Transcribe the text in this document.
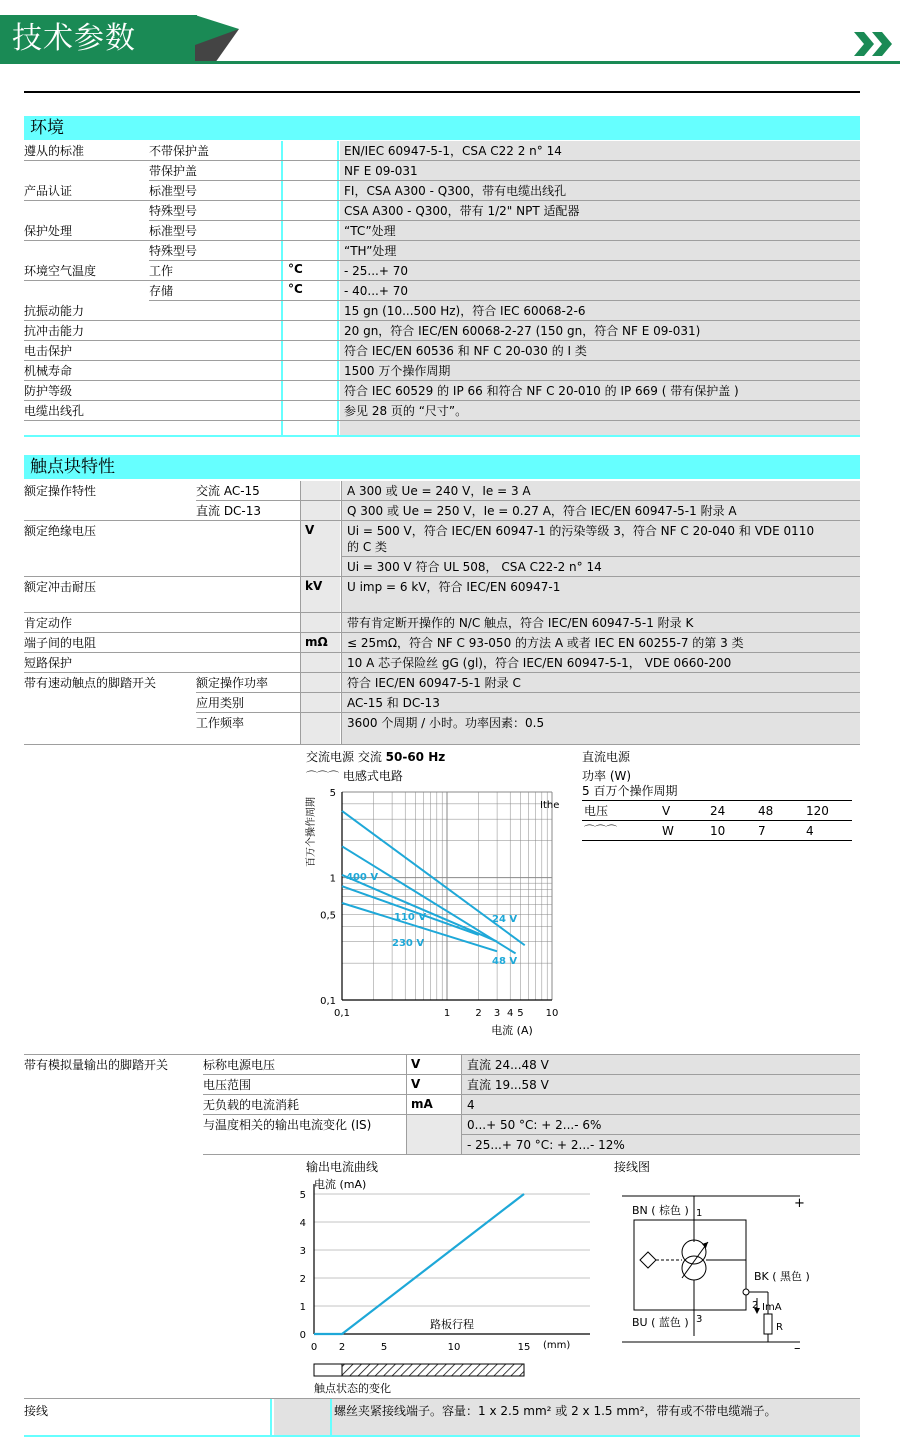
技术参数
环境
遵从的标准	不带保护盖	EN/IEC 60947-5-1，CSA C22 2 n° 14
带保护盖	NF E 09-031
产品认证	标准型号	FI，CSA A300 - Q300，带有电缆出线孔
特殊型号	CSA A300 - Q300，带有 1/2" NPT 适配器
保护处理	标准型号	“TC”处理
特殊型号	“TH”处理
环境空气温度	工作	°C	- 25...+ 70
存储	°C	- 40...+ 70
抗振动能力	15 gn (10...500 Hz)，符合 IEC 60068-2-6
抗冲击能力	20 gn，符合 IEC/EN 60068-2-27 (150 gn，符合 NF E 09-031)
电击保护	符合 IEC/EN 60536 和 NF C 20-030 的 I 类
机械寿命	1500 万个操作周期
防护等级	符合 IEC 60529 的 IP 66 和符合 NF C 20-010 的 IP 669 ( 带有保护盖 )
电缆出线孔	参见 28 页的 “尺寸”。
触点块特性
额定操作特性	交流 AC-15	A 300 或 Ue = 240 V，Ie = 3 A
直流 DC-13	Q 300 或 Ue = 250 V，Ie = 0.27 A，符合 IEC/EN 60947-5-1 附录 A
额定绝缘电压	V	Ui = 500 V，符合 IEC/EN 60947-1 的污染等级 3，符合 NF C 20-040 和 VDE 0110
的 C 类
Ui = 300 V 符合 UL 508， CSA C22-2 n° 14
额定冲击耐压	kV U imp = 6 kV，符合 IEC/EN 60947-1
肯定动作	带有肯定断开操作的 N/C 触点，符合 IEC/EN 60947-5-1 附录 K
端子间的电阻	mΩ ≤ 25mΩ，符合 NF C 93-050 的方法 A 或者 IEC EN 60255-7 的第 3 类
短路保护	10 A 芯子保险丝 gG (gl)，符合 IEC/EN 60947-5-1， VDE 0660-200
带有速动触点的脚踏开关	额定操作功率	符合 IEC/EN 60947-5-1 附录 C
应用类别	AC-15 和 DC-13
工作频率	3600 个周期 / 小时。功率因素：0.5
交流电源 交流 50-60 Hz
⌒⌒⌒ 电感式电路
0,1	1	2 3 4 5 10
5
1
0,5
0,1
电流 (A)
百万个操作周期	Ithe
400 V
110 V
230 V
24 V
48 V
直流电源
功率 (W)
5 百万个操作周期
电压	V	24	48	120
⌒⌒⌒	W	10	7	4
带有模拟量输出的脚踏开关	标称电源电压	V	直流 24...48 V
电压范围	V	直流 19...58 V
无负载的电流消耗	mA	4
与温度相关的输出电流变化 (IS)	0...+ 50 °C: + 2...- 6%
- 25...+ 70 °C: + 2...- 12%
输出电流曲线
0 2	5	10	15
0
1
2
3
4
5
电流 (mA)
(mm)
路板行程
触点状态的变化
接线图
BN ( 棕色 ) 1
BK ( 黑色 )
2
BU ( 蓝色 ) 3
+
–
ImA
R
接线	螺丝夹紧接线端子。容量：1 x 2.5 mm² 或 2 x 1.5 mm²，带有或不带电缆端子。
